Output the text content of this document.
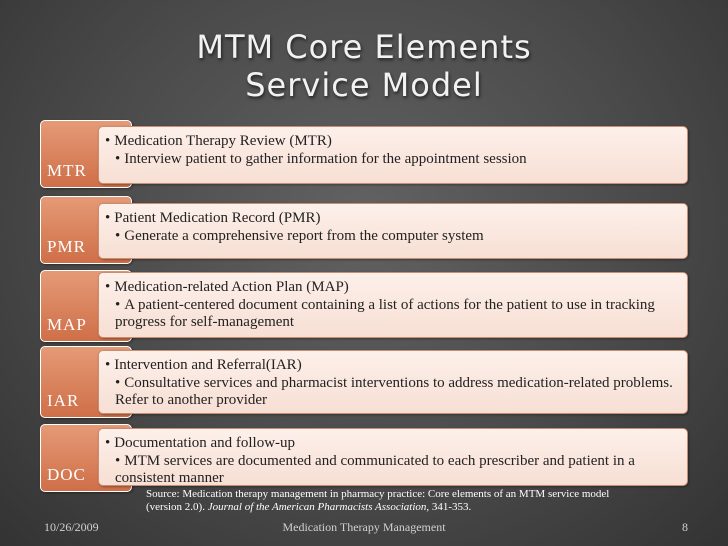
MTM Core Elements
Service Model
MTR
• Medication Therapy Review (MTR)
• Interview patient to gather information for the appointment session
PMR
• Patient Medication Record (PMR)
• Generate a comprehensive report from the computer system
MAP
• Medication-related Action Plan (MAP)
• A patient-centered document containing a list of actions for the patient to use in tracking progress for self-management
IAR
• Intervention and Referral(IAR)
• Consultative services and pharmacist interventions to address medication-related problems. Refer to another provider
DOC
• Documentation and follow-up
• MTM services are documented and communicated to each prescriber and patient in a consistent manner
Source: Medication therapy management in pharmacy practice: Core elements of an MTM service model (version 2.0). Journal of the American Pharmacists Association, 341-353.
10/26/2009	Medication Therapy Management	8
